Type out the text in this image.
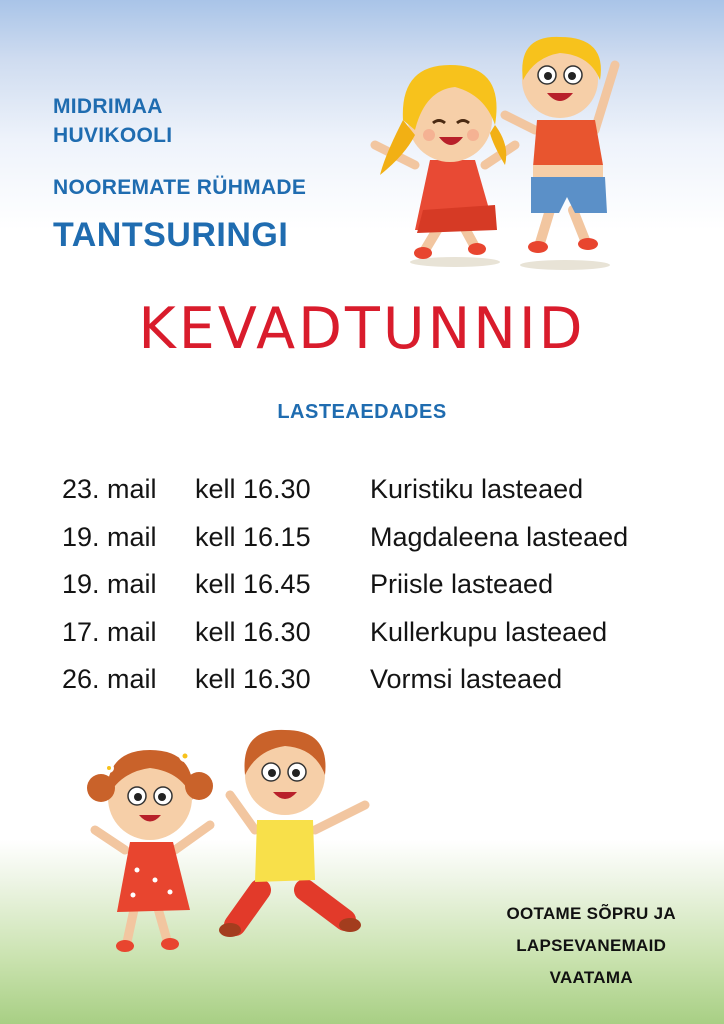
MIDRIMAA
HUVIKOOLI
NOOREMATE RÜHMADE
TANTSURINGI
KEVADTUNNID
LASTEAEDADES
23. mail kell 16.30 Kuristiku lasteaed
19. mail kell 16.15 Magdaleena lasteaed
19. mail kell 16.45 Priisle lasteaed
17. mail kell 16.30 Kullerkupu lasteaed
26. mail kell 16.30 Vormsi lasteaed
OOTAME SÕPRU JA
LAPSEVANEMAID
VAATAMA
